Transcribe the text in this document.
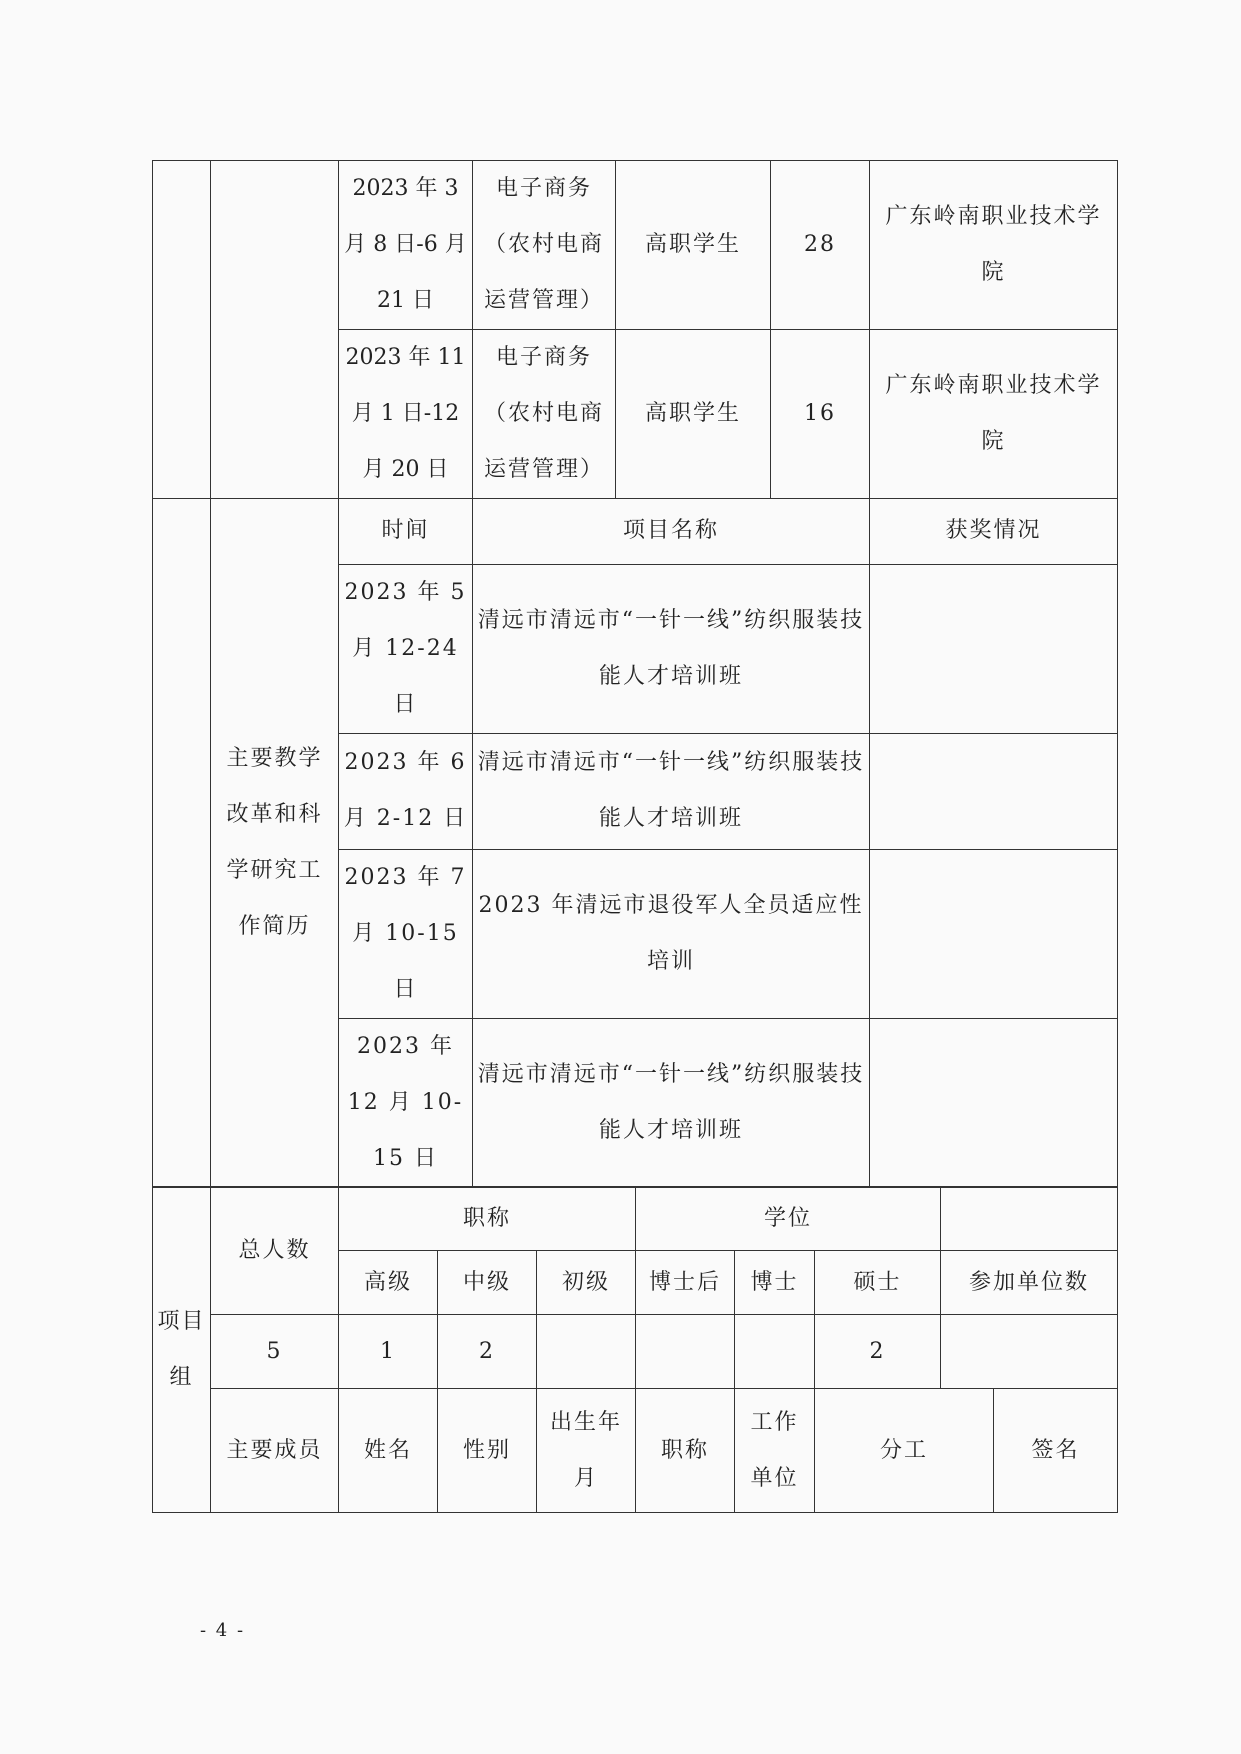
		2023 年 3 月 8 日-6 月 21 日	电子商务（农村电商运营管理）	高职学生	28	广东岭南职业技术学院
		2023 年 11 月 1 日-12 月 20 日	电子商务（农村电商运营管理）	高职学生	16	广东岭南职业技术学院
	主要教学改革和科学研究工作简历	时间	项目名称	获奖情况
		2023 年 5 月 12-24 日	清远市清远市“一针一线”纺织服装技能人才培训班	
		2023 年 6 月 2-12 日	清远市清远市“一针一线”纺织服装技能人才培训班	
		2023 年 7 月 10-15 日	2023 年清远市退役军人全员适应性培训	
		2023 年 12 月 10-15 日	清远市清远市“一针一线”纺织服装技能人才培训班	
项目组	总人数	职称			学位				
		高级	中级	初级	博士后	博士	硕士	参加单位数	
	5	1	2				2		
	主要成员	姓名	性别	出生年月	职称	工作单位	分工		签名
- 4 -
